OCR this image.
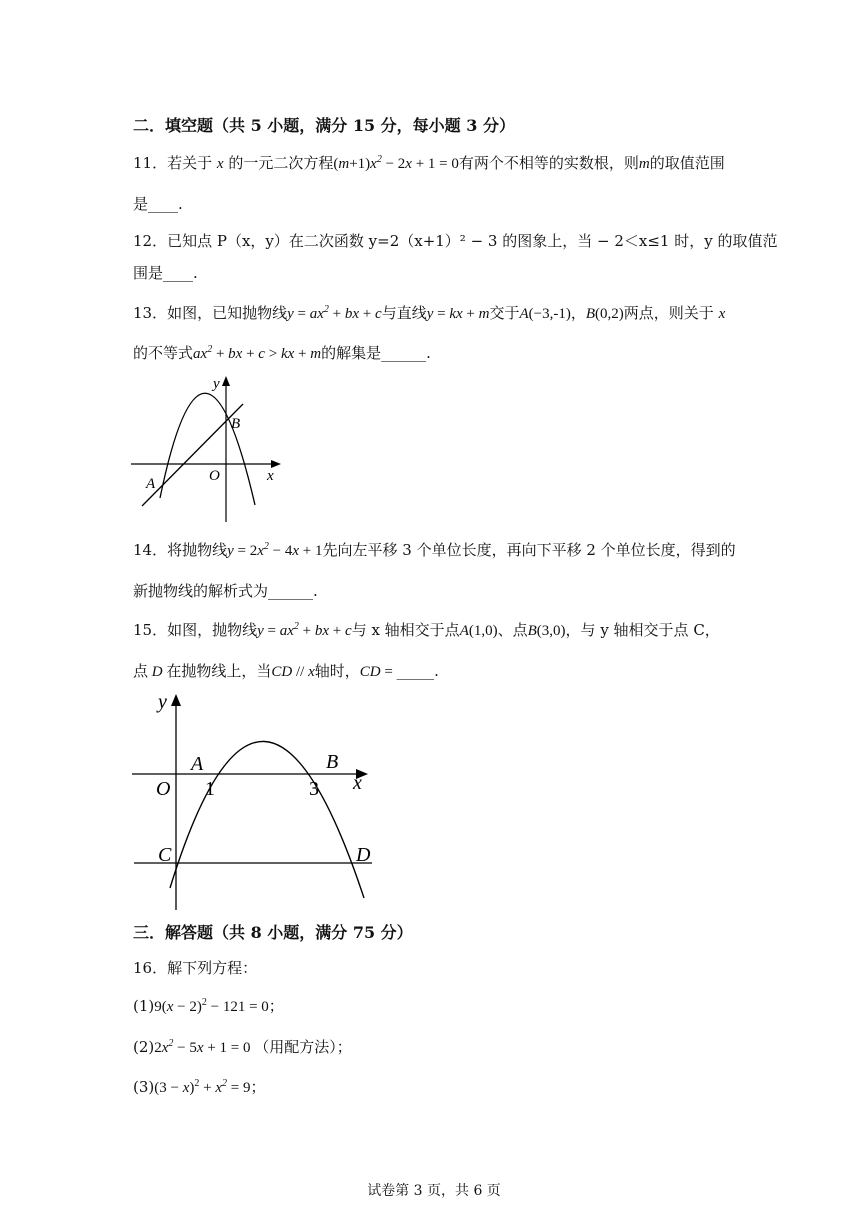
二．填空题（共 5 小题，满分 15 分，每小题 3 分）
11．若关于 x 的一元二次方程$(m+1)x^2 - 2x + 1 = 0$有两个不相等的实数根，则m的取值范围
是____.
12．已知点 P（x，y）在二次函数 y=2（x+1）² − 3 的图象上，当 − 2＜x≤1 时，y 的取值范
围是____.
13．如图，已知抛物线$y = ax^2$ + bx + c与直线y = kx + m交于A(−3,-1)，B(0,2)两点，则关于 x
的不等式$ax^2$ + bx + c > kx + m的解集是______.
y
x
O
A
B
14．将抛物线$y = 2x^2 - 4x + 1$先向左平移 3 个单位长度，再向下平移 2 个单位长度，得到的
新抛物线的解析式为______.
15．如图，抛物线$y = ax^2$ + bx + c与 x 轴相交于点A(1,0)、点B(3,0)，与 y 轴相交于点 C，
点 D 在抛物线上，当CD // x轴时，CD = _____.
y
x
O
A	B
C	D
1	3
三．解答题（共 8 小题，满分 75 分）
16．解下列方程：
$(1)9(x - 2)^2 - 121 = 0$；
$(2)2x^2 - 5x + 1 = 0$ （用配方法）；
$(3)(3 - x)^2 + x^2 = 9$；
试卷第 3 页，共 6 页
